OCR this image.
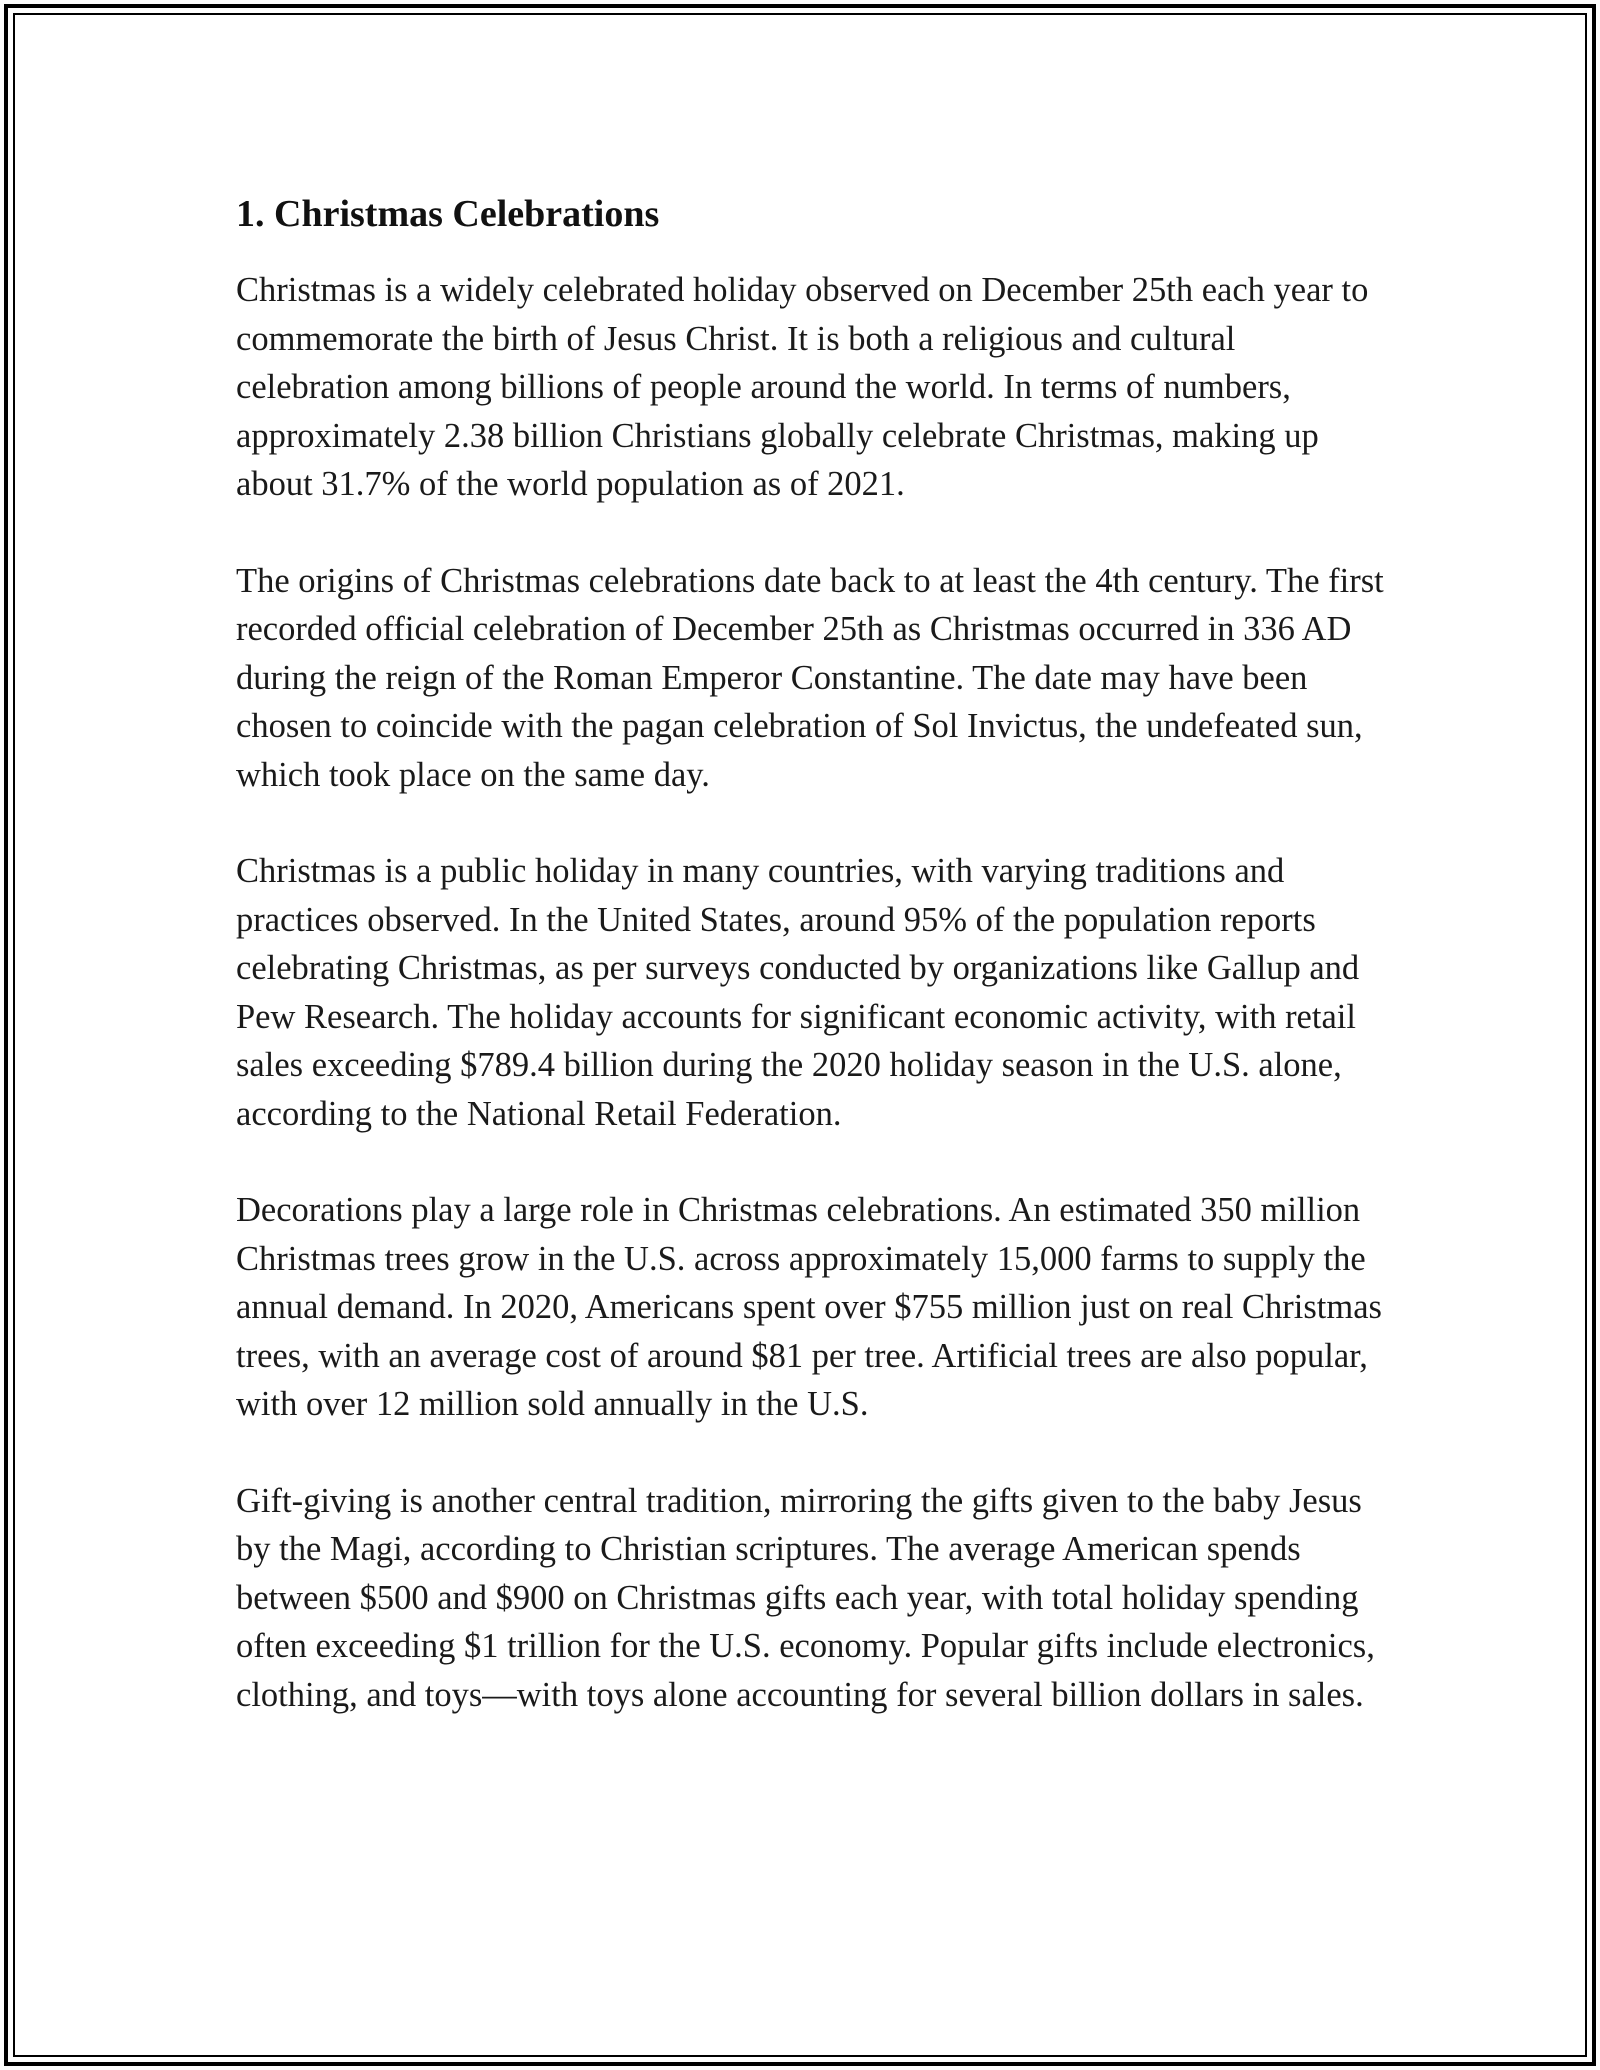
1. Christmas Celebrations

Christmas is a widely celebrated holiday observed on December 25th each year to commemorate the birth of Jesus Christ. It is both a religious and cultural celebration among billions of people around the world. In terms of numbers, approximately 2.38 billion Christians globally celebrate Christmas, making up about 31.7% of the world population as of 2021.

The origins of Christmas celebrations date back to at least the 4th century. The first recorded official celebration of December 25th as Christmas occurred in 336 AD during the reign of the Roman Emperor Constantine. The date may have been chosen to coincide with the pagan celebration of Sol Invictus, the undefeated sun, which took place on the same day.

Christmas is a public holiday in many countries, with varying traditions and practices observed. In the United States, around 95% of the population reports celebrating Christmas, as per surveys conducted by organizations like Gallup and Pew Research. The holiday accounts for significant economic activity, with retail sales exceeding $789.4 billion during the 2020 holiday season in the U.S. alone, according to the National Retail Federation.

Decorations play a large role in Christmas celebrations. An estimated 350 million Christmas trees grow in the U.S. across approximately 15,000 farms to supply the annual demand. In 2020, Americans spent over $755 million just on real Christmas trees, with an average cost of around $81 per tree. Artificial trees are also popular, with over 12 million sold annually in the U.S.

Gift-giving is another central tradition, mirroring the gifts given to the baby Jesus by the Magi, according to Christian scriptures. The average American spends between $500 and $900 on Christmas gifts each year, with total holiday spending often exceeding $1 trillion for the U.S. economy. Popular gifts include electronics, clothing, and toys—with toys alone accounting for several billion dollars in sales.
